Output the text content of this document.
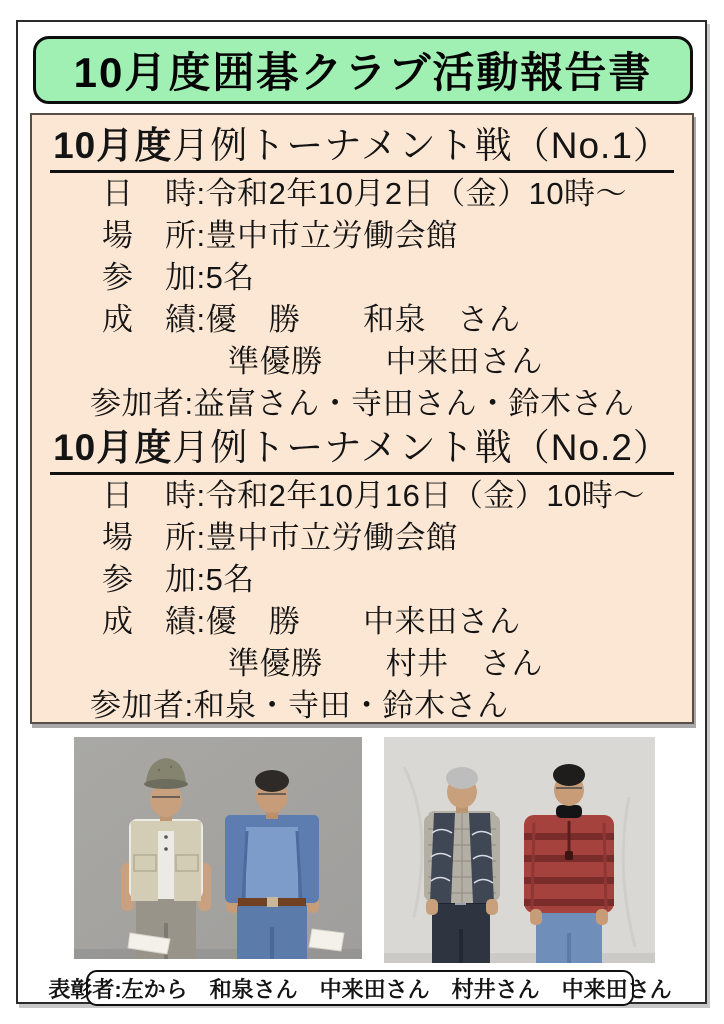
10月度囲碁クラブ活動報告書
10月度月例トーナメント戦（No.1）
日　時:令和2年10月2日（金）10時〜
場　所:豊中市立労働会館
参　加:5名
成　績:優　勝　　和泉　さん
準優勝　　中来田さん
参加者:益富さん・寺田さん・鈴木さん
10月度月例トーナメント戦（No.2）
日　時:令和2年10月16日（金）10時〜
場　所:豊中市立労働会館
参　加:5名
成　績:優　勝　　中来田さん
準優勝　　村井　さん
参加者:和泉・寺田・鈴木さん
表彰者:左から　和泉さん　中来田さん　村井さん　中来田さん
